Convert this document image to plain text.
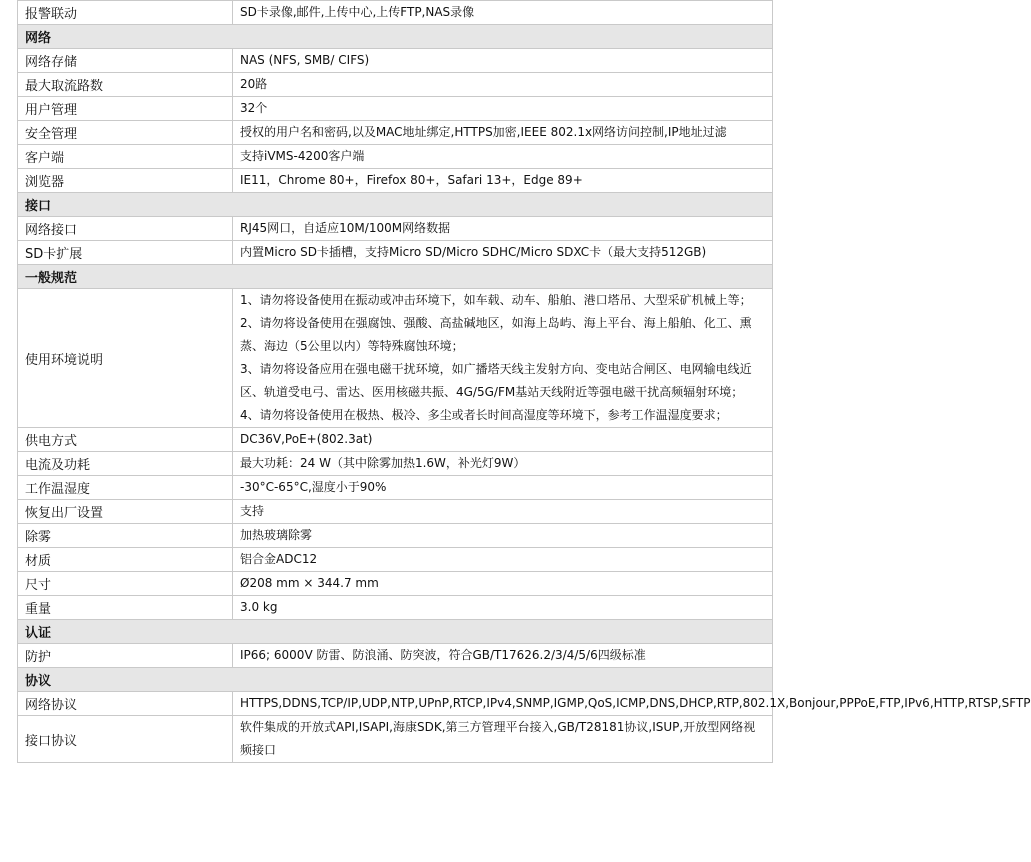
报警联动	SD卡录像,邮件,上传中心,上传FTP,NAS录像
网络	
网络存储	NAS (NFS, SMB/ CIFS)
最大取流路数	20路
用户管理	32个
安全管理	授权的用户名和密码,以及MAC地址绑定,HTTPS加密,IEEE 802.1x网络访问控制,IP地址过滤
客户端	支持iVMS-4200客户端
浏览器	IE11，Chrome 80+，Firefox 80+，Safari 13+，Edge 89+
接口	
网络接口	RJ45网口，自适应10M/100M网络数据
SD卡扩展	内置Micro SD卡插槽，支持Micro SD/Micro SDHC/Micro SDXC卡（最大支持512GB)
一般规范	
使用环境说明	1、请勿将设备使用在振动或冲击环境下，如车载、动车、船舶、港口塔吊、大型采矿机械上等；
2、请勿将设备使用在强腐蚀、强酸、高盐碱地区，如海上岛屿、海上平台、海上船舶、化工、熏蒸、海边（5公里以内）等特殊腐蚀环境；
3、请勿将设备应用在强电磁干扰环境，如广播塔天线主发射方向、变电站合闸区、电网输电线近区、轨道受电弓、雷达、医用核磁共振、4G/5G/FM基站天线附近等强电磁干扰高频辐射环境；
4、请勿将设备使用在极热、极冷、多尘或者长时间高湿度等环境下，参考工作温湿度要求；

供电方式	DC36V,PoE+(802.3at)
电流及功耗	最大功耗：24 W（其中除雾加热1.6W，补光灯9W）
工作温湿度	-30°C-65°C,湿度小于90%
恢复出厂设置	支持
除雾	加热玻璃除雾
材质	铝合金ADC12
尺寸	Ø208 mm × 344.7 mm
重量	3.0 kg
认证	
防护	IP66; 6000V 防雷、防浪涌、防突波，符合GB/T17626.2/3/4/5/6四级标准
协议	
网络协议	HTTPS,DDNS,TCP/IP,UDP,NTP,UPnP,RTCP,IPv4,SNMP,IGMP,QoS,ICMP,DNS,DHCP,RTP,802.1X,Bonjour,PPPoE,FTP,IPv6,HTTP,RTSP,SFTP
接口协议	软件集成的开放式API,ISAPI,海康SDK,第三方管理平台接入,GB/T28181协议,ISUP,开放型网络视频接口
